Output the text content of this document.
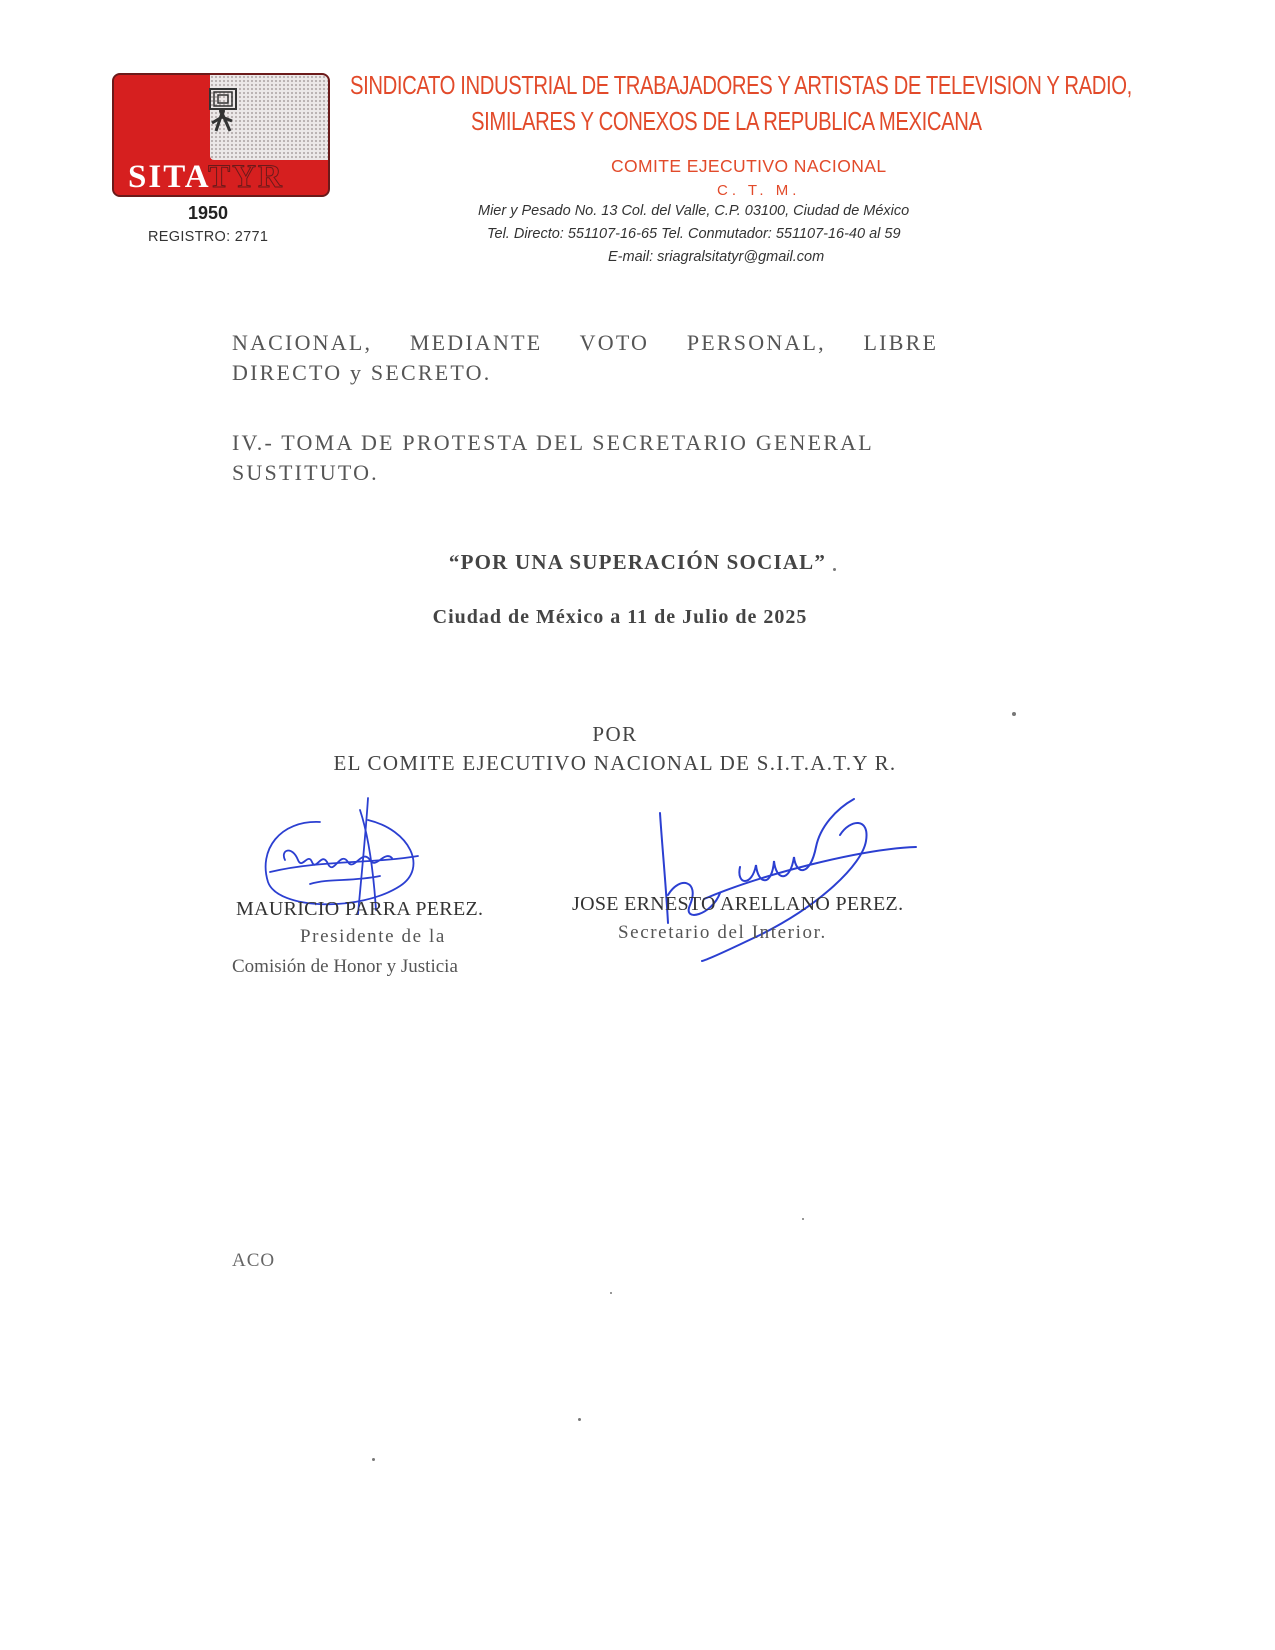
SITATYR
1950
REGISTRO: 2771
SINDICATO INDUSTRIAL DE TRABAJADORES Y ARTISTAS DE TELEVISION Y RADIO,
SIMILARES Y CONEXOS DE LA REPUBLICA MEXICANA
COMITE EJECUTIVO NACIONAL
C. T. M.
Mier y Pesado No. 13 Col. del Valle, C.P. 03100, Ciudad de México
Tel. Directo: 551107-16-65 Tel. Conmutador: 551107-16-40 al 59
E-mail: sriagralsitatyr@gmail.com
NACIONAL, MEDIANTE VOTO PERSONAL, LIBRE
DIRECTO y SECRETO.
IV.- TOMA DE PROTESTA DEL SECRETARIO GENERAL
SUSTITUTO.
“POR UNA SUPERACIÓN SOCIAL”
Ciudad de México a 11 de Julio de 2025
POR
EL COMITE EJECUTIVO NACIONAL DE S.I.T.A.T.Y R.
MAURICIO PARRA PEREZ.
Presidente de la
Comisión de Honor y Justicia
JOSE ERNESTO ARELLANO PEREZ.
Secretario del Interior.
ACO
